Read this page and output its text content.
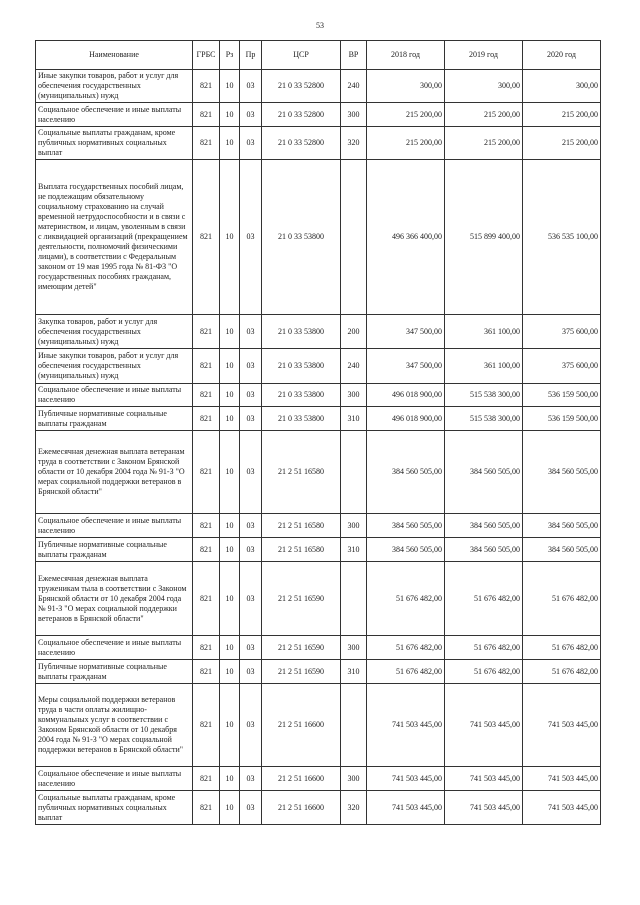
53
Наименование	ГРБС	Рз	Пр	ЦСР	ВР	2018 год	2019 год	2020 год
Иные закупки товаров, работ и услуг для обеспечения государственных (муниципальных) нужд	821	10	03	21 0 33 52800	240	300,00	300,00	300,00
Социальное обеспечение и иные выплаты населению	821	10	03	21 0 33 52800	300	215 200,00	215 200,00	215 200,00
Социальные выплаты гражданам, кроме публичных нормативных социальных выплат	821	10	03	21 0 33 52800	320	215 200,00	215 200,00	215 200,00
Выплата государственных пособий лицам, не подлежащим обязательному социальному страхованию на случай временной нетрудоспособности и в связи с материнством, и лицам, уволенным в связи с ликвидацией организаций (прекращением деятельности, полномочий физическими лицами), в соответствии с Федеральным законом от 19 мая 1995 года № 81-ФЗ "О государственных пособиях гражданам, имеющим детей"	821	10	03	21 0 33 53800		496 366 400,00	515 899 400,00	536 535 100,00
Закупка товаров, работ и услуг для обеспечения государственных (муниципальных) нужд	821	10	03	21 0 33 53800	200	347 500,00	361 100,00	375 600,00
Иные закупки товаров, работ и услуг для обеспечения государственных (муниципальных) нужд	821	10	03	21 0 33 53800	240	347 500,00	361 100,00	375 600,00
Социальное обеспечение и иные выплаты населению	821	10	03	21 0 33 53800	300	496 018 900,00	515 538 300,00	536 159 500,00
Публичные нормативные социальные выплаты гражданам	821	10	03	21 0 33 53800	310	496 018 900,00	515 538 300,00	536 159 500,00
Ежемесячная денежная выплата ветеранам труда в соответствии с Законом Брянской области от 10 декабря 2004 года № 91-З "О мерах социальной поддержки ветеранов в Брянской области"	821	10	03	21 2 51 16580		384 560 505,00	384 560 505,00	384 560 505,00
Социальное обеспечение и иные выплаты населению	821	10	03	21 2 51 16580	300	384 560 505,00	384 560 505,00	384 560 505,00
Публичные нормативные социальные выплаты гражданам	821	10	03	21 2 51 16580	310	384 560 505,00	384 560 505,00	384 560 505,00
Ежемесячная денежная выплата труженикам тыла в соответствии с Законом Брянской области от 10 декабря 2004 года № 91-З "О мерах социальной поддержки ветеранов в Брянской области"	821	10	03	21 2 51 16590		51 676 482,00	51 676 482,00	51 676 482,00
Социальное обеспечение и иные выплаты населению	821	10	03	21 2 51 16590	300	51 676 482,00	51 676 482,00	51 676 482,00
Публичные нормативные социальные выплаты гражданам	821	10	03	21 2 51 16590	310	51 676 482,00	51 676 482,00	51 676 482,00
Меры социальной поддержки ветеранов труда в части оплаты жилищно-коммунальных услуг в соответствии с Законом Брянской области от 10 декабря 2004 года № 91-З "О мерах социальной поддержки ветеранов в Брянской области"	821	10	03	21 2 51 16600		741 503 445,00	741 503 445,00	741 503 445,00
Социальное обеспечение и иные выплаты населению	821	10	03	21 2 51 16600	300	741 503 445,00	741 503 445,00	741 503 445,00
Социальные выплаты гражданам, кроме публичных нормативных социальных выплат	821	10	03	21 2 51 16600	320	741 503 445,00	741 503 445,00	741 503 445,00
